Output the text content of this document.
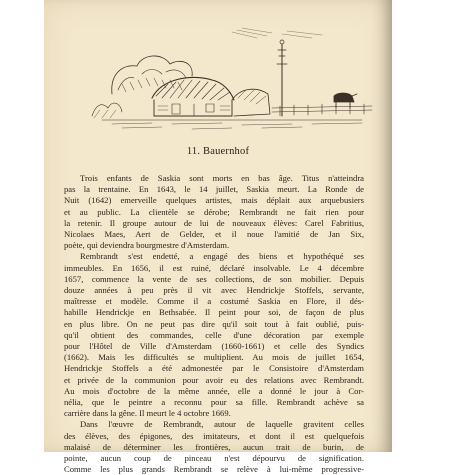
11. Bauernhof
Trois enfants de Saskia sont morts en bas âge. Titus n'atteindra
pas la trentaine. En 1643, le 14 juillet, Saskia meurt. La Ronde de
Nuit (1642) emerveille quelques artistes, mais déplait aux arquebusiers
et au public. La clientèle se dérobe; Rembrandt ne fait rien pour
la retenir. Il groupe autour de lui de nouveaux élèves: Carel Fabritius,
Nicolaes Maes, Aert de Gelder, et il noue l'amitié de Jan Six,
poète, qui deviendra bourgmestre d'Amsterdam.
Rembrandt s'est endetté, a engagé des biens et hypothéqué ses
immeubles. En 1656, il est ruiné, déclaré insolvable. Le 4 décembre
1657, commence la vente de ses collections, de son mobilier. Depuis
douze années à peu près il vit avec Hendrickje Stoffels, servante,
maîtresse et modèle. Comme il a costumé Saskia en Flore, il dés-
habille Hendrickje en Bethsabée. Il peint pour soi, de façon de plus
en plus libre. On ne peut pas dire qu'il soit tout à fait oublié, puis-
qu'il obtient des commandes, celle d'une décoration par exemple
pour l'Hôtel de Ville d'Amsterdam (1660-1661) et celle des Syndics
(1662). Mais les difficultés se multiplient. Au mois de juillet 1654,
Hendrickje Stoffels a été admonestée par le Consistoire d'Amsterdam
et privée de la communion pour avoir eu des relations avec Rembrandt.
Au mois d'octobre de la même année, elle a donné le jour à Cor-
nélia, que le peintre a reconnu pour sa fille. Rembrandt achève sa
carrière dans la gêne. Il meurt le 4 octobre 1669.
Dans l'œuvre de Rembrandt, autour de laquelle gravitent celles
des élèves, des épigones, des imitateurs, et dont il est quelquefois
malaisé de déterminer les frontières, aucun trait de burin, de
pointe, aucun coup de pinceau n'est dépourvu de signification.
Comme les plus grands Rembrandt se relève à lui-même progressive-
